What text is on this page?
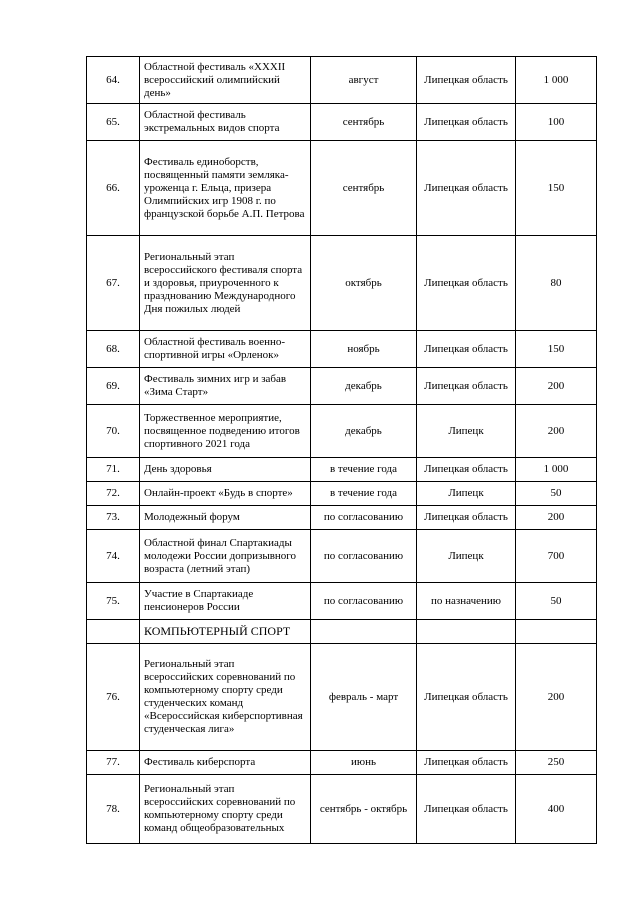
64.	Областной фестиваль «XXXII всероссийский олимпийский день»	август	Липецкая область	1 000
65.	Областной фестиваль экстремальных видов спорта	сентябрь	Липецкая область	100
66.	Фестиваль единоборств, посвященный памяти земляка-уроженца г. Ельца, призера Олимпийских игр 1908 г. по французской борьбе А.П. Петрова	сентябрь	Липецкая область	150
67.	Региональный этап всероссийского фестиваля спорта и здоровья, приуроченного к празднованию Международного Дня пожилых людей	октябрь	Липецкая область	80
68.	Областной фестиваль военно-спортивной игры «Орленок»	ноябрь	Липецкая область	150
69.	Фестиваль зимних игр и забав «Зима Старт»	декабрь	Липецкая область	200
70.	Торжественное мероприятие, посвященное подведению итогов спортивного 2021 года	декабрь	Липецк	200
71.	День здоровья	в течение года	Липецкая область	1 000
72.	Онлайн-проект «Будь в спорте»	в течение года	Липецк	50
73.	Молодежный форум	по согласованию	Липецкая область	200
74.	Областной финал Спартакиады молодежи России допризывного возраста (летний этап)	по согласованию	Липецк	700
75.	Участие в Спартакиаде пенсионеров России	по согласованию	по назначению	50
	КОМПЬЮТЕРНЫЙ СПОРТ			
76.	Региональный этап всероссийских соревнований по компьютерному спорту среди студенческих команд «Всероссийская киберспортивная студенческая лига»	февраль - март	Липецкая область	200
77.	Фестиваль киберспорта	июнь	Липецкая область	250
78.	Региональный этап всероссийских соревнований по компьютерному спорту среди команд общеобразовательных	сентябрь - октябрь	Липецкая область	400
